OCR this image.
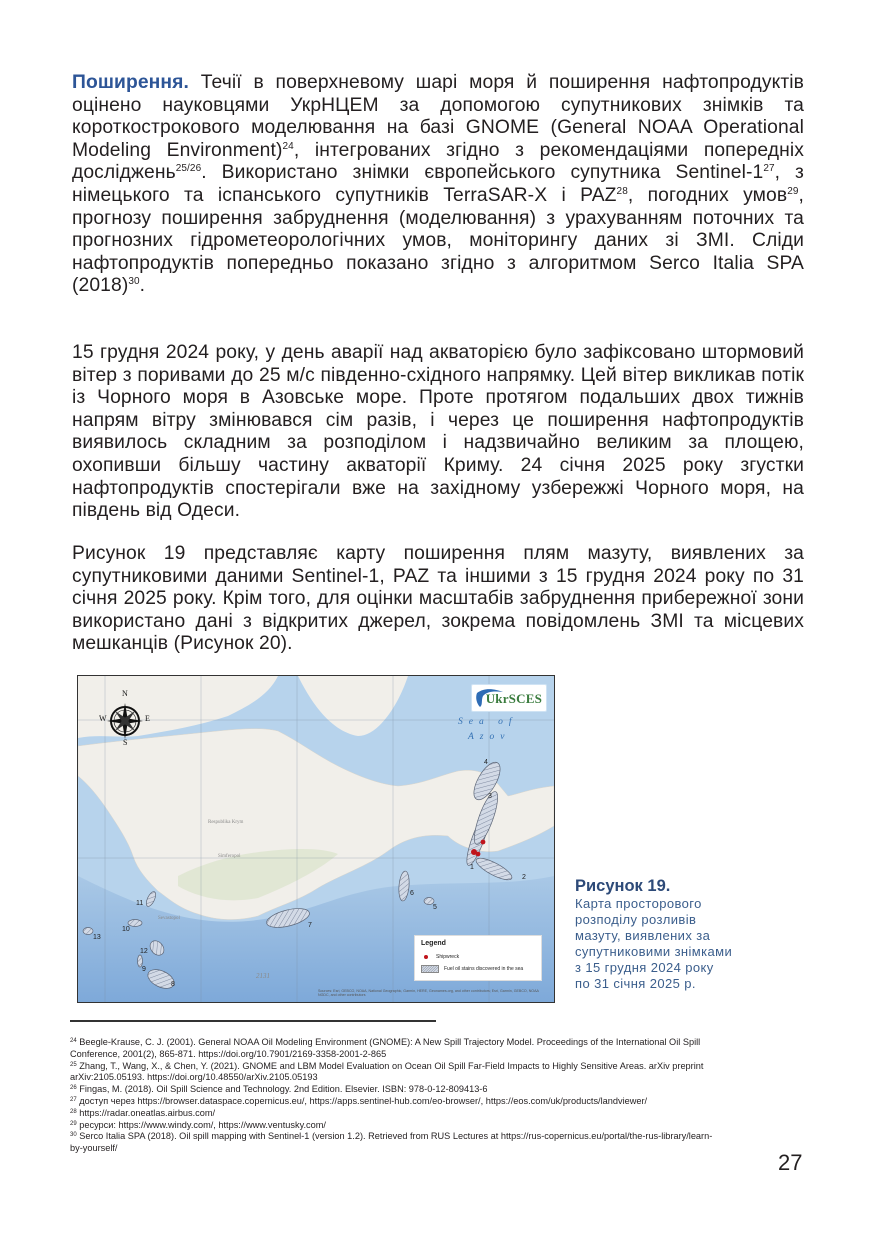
Поширення. Течії в поверхневому шарі моря й поширення нафтопродуктів оцінено науковцями УкрНЦЕМ за допомогою супутникових знімків та короткострокового моделювання на базі GNOME (General NOAA Operational Modeling Environment)$^{24}$, інтегрованих згідно з рекомендаціями попередніх досліджень$^{25/26}$. Використано знімки європейського супутника Sentinel-$1^{27}$, з німецького та іспанського супутників TerraSAR-X і PAZ$^{28}$, погодних умов$^{29}$, прогнозу поширення забруднення (моделювання) з урахуванням поточних та прогнозних гідрометеорологічних умов, моніторингу даних зі ЗМІ. Сліди нафтопродуктів попередньо показано згідно з алгоритмом Serco Italia SPA $(2018)^{30}$.

15 грудня 2024 року, у день аварії над акваторією було зафіксовано штормовий вітер з поривами до 25 м/с південно-східного напрямку. Цей вітер викликав потік із Чорного моря в Азовське море. Проте протягом подальших двох тижнів напрям вітру змінювався сім разів, і через це поширення нафтопродуктів виявилось складним за розподілом і надзвичайно великим за площею, охопивши більшу частину акваторії Криму. 24 січня 2025 року згустки нафтопродуктів спостерігали вже на західному узбережжі Чорного моря, на південь від Одеси.

Рисунок 19 представляє карту поширення плям мазуту, виявлених за супутниковими даними Sentinel-1, PAZ та іншими з 15 грудня 2024 року по 31 січня 2025 року. Крім того, для оцінки масштабів забруднення прибережної зони використано дані з відкритих джерел, зокрема повідомлень ЗМІ та місцевих мешканців (Рисунок 20).

N
S
E
W
Respublika Krym
Simferopol
Sevastopol
2131
1
2
3
4
5
6
7
8
9
10
11
12
13
Sea of
Azov
UkrSCES
Legend
Shipwreck
Fuel oil stains discovered in the sea
Sources: Esri, GEBCO, NOAA, National Geographic, Garmin, HERE, Geonames.org, and other contributors; Esri, Garmin, GEBCO, NOAA NGDC, and other contributors
Рисунок 19.
Карта просторового
розподілу розливів
мазуту, виявлених за
супутниковими знімками
з 15 грудня 2024 року
по 31 січня 2025 р.

$^{24}$ Beegle-Krause, C. J. (2001). General NOAA Oil Modeling Environment (GNOME): A New Spill Trajectory Model. Proceedings of the International Oil Spill Conference, 2001(2), 865-871. https://doi.org/10.7901/2169-3358-2001-2-865

$^{25}$ Zhang, T., Wang, X., & Chen, Y. (2021). GNOME and LBM Model Evaluation on Ocean Oil Spill Far-Field Impacts to Highly Sensitive Areas. arXiv preprint arXiv:2105.05193. https://doi.org/10.48550/arXiv.2105.05193

$^{26}$ Fingas, M. (2018). Oil Spill Science and Technology. 2nd Edition. Elsevier. ISBN: 978-0-12-809413-6

$^{27}$ доступ через https://browser.dataspace.copernicus.eu/, https://apps.sentinel-hub.com/eo-browser/, https://eos.com/uk/products/landviewer/

$^{28}$ https://radar.oneatlas.airbus.com/

$^{29}$ ресурси: https://www.windy.com/, https://www.ventusky.com/

$^{30}$ Serco Italia SPA (2018). Oil spill mapping with Sentinel-1 (version 1.2). Retrieved from RUS Lectures at https://rus-copernicus.eu/portal/the-rus-library/learn-by-yourself/

27
